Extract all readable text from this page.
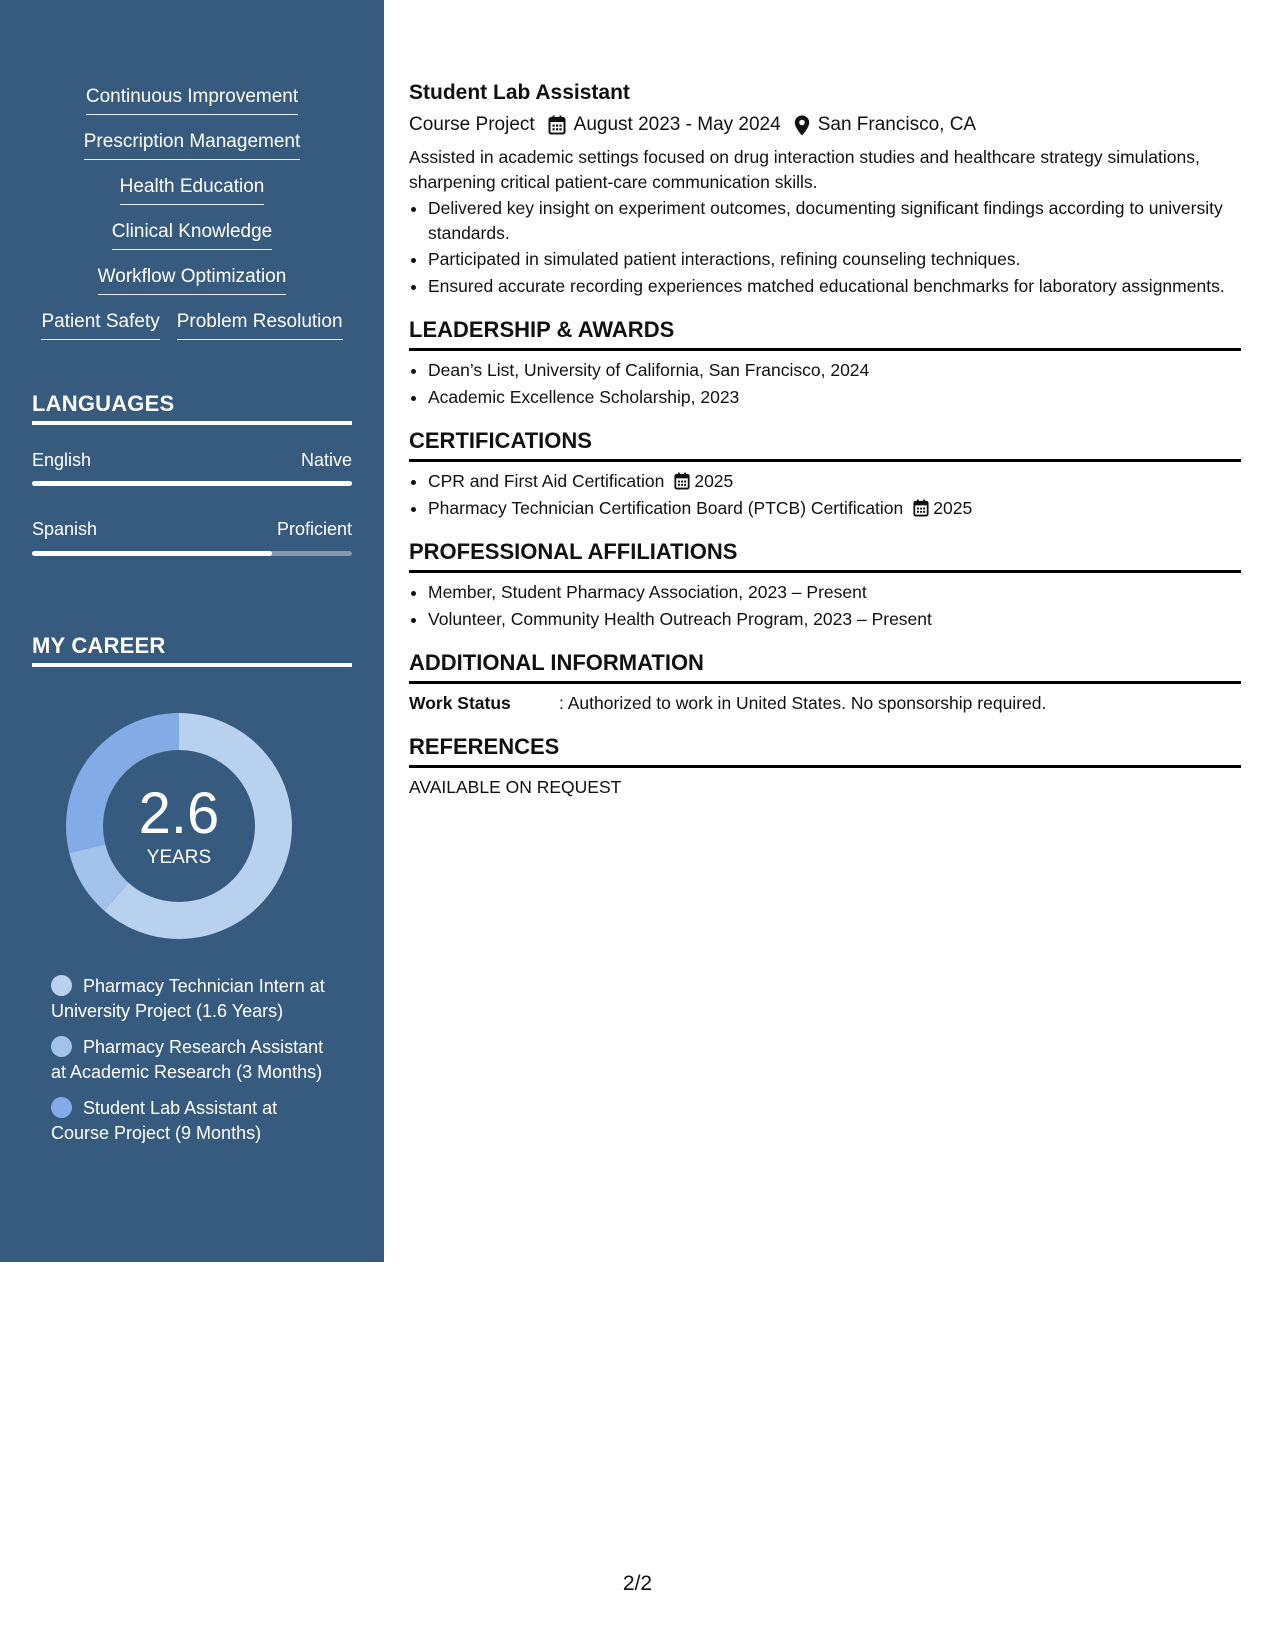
Continuous Improvement
Prescription Management
Health Education
Clinical Knowledge
Workflow Optimization
Patient Safety Problem Resolution
LANGUAGES
English	Native
Spanish	Proficient
MY CAREER
2.6
YEARS
Pharmacy Technician Intern at University Project (1.6 Years)
Pharmacy Research Assistant at Academic Research (3 Months)
Student Lab Assistant at Course Project (9 Months)
Student Lab Assistant
Course Project August 2023 - May 2024 San Francisco, CA
Assisted in academic settings focused on drug interaction studies and healthcare strategy simulations, sharpening critical patient-care communication skills.
• Delivered key insight on experiment outcomes, documenting significant findings according to university standards.
• Participated in simulated patient interactions, refining counseling techniques.
• Ensured accurate recording experiences matched educational benchmarks for laboratory assignments.
LEADERSHIP & AWARDS
• Dean’s List, University of California, San Francisco, 2024
• Academic Excellence Scholarship, 2023
CERTIFICATIONS
• CPR and First Aid Certification 2025
• Pharmacy Technician Certification Board (PTCB) Certification 2025
PROFESSIONAL AFFILIATIONS
• Member, Student Pharmacy Association, 2023 – Present
• Volunteer, Community Health Outreach Program, 2023 – Present
ADDITIONAL INFORMATION
Work Status	: Authorized to work in United States. No sponsorship required.
REFERENCES
AVAILABLE ON REQUEST
2/2
